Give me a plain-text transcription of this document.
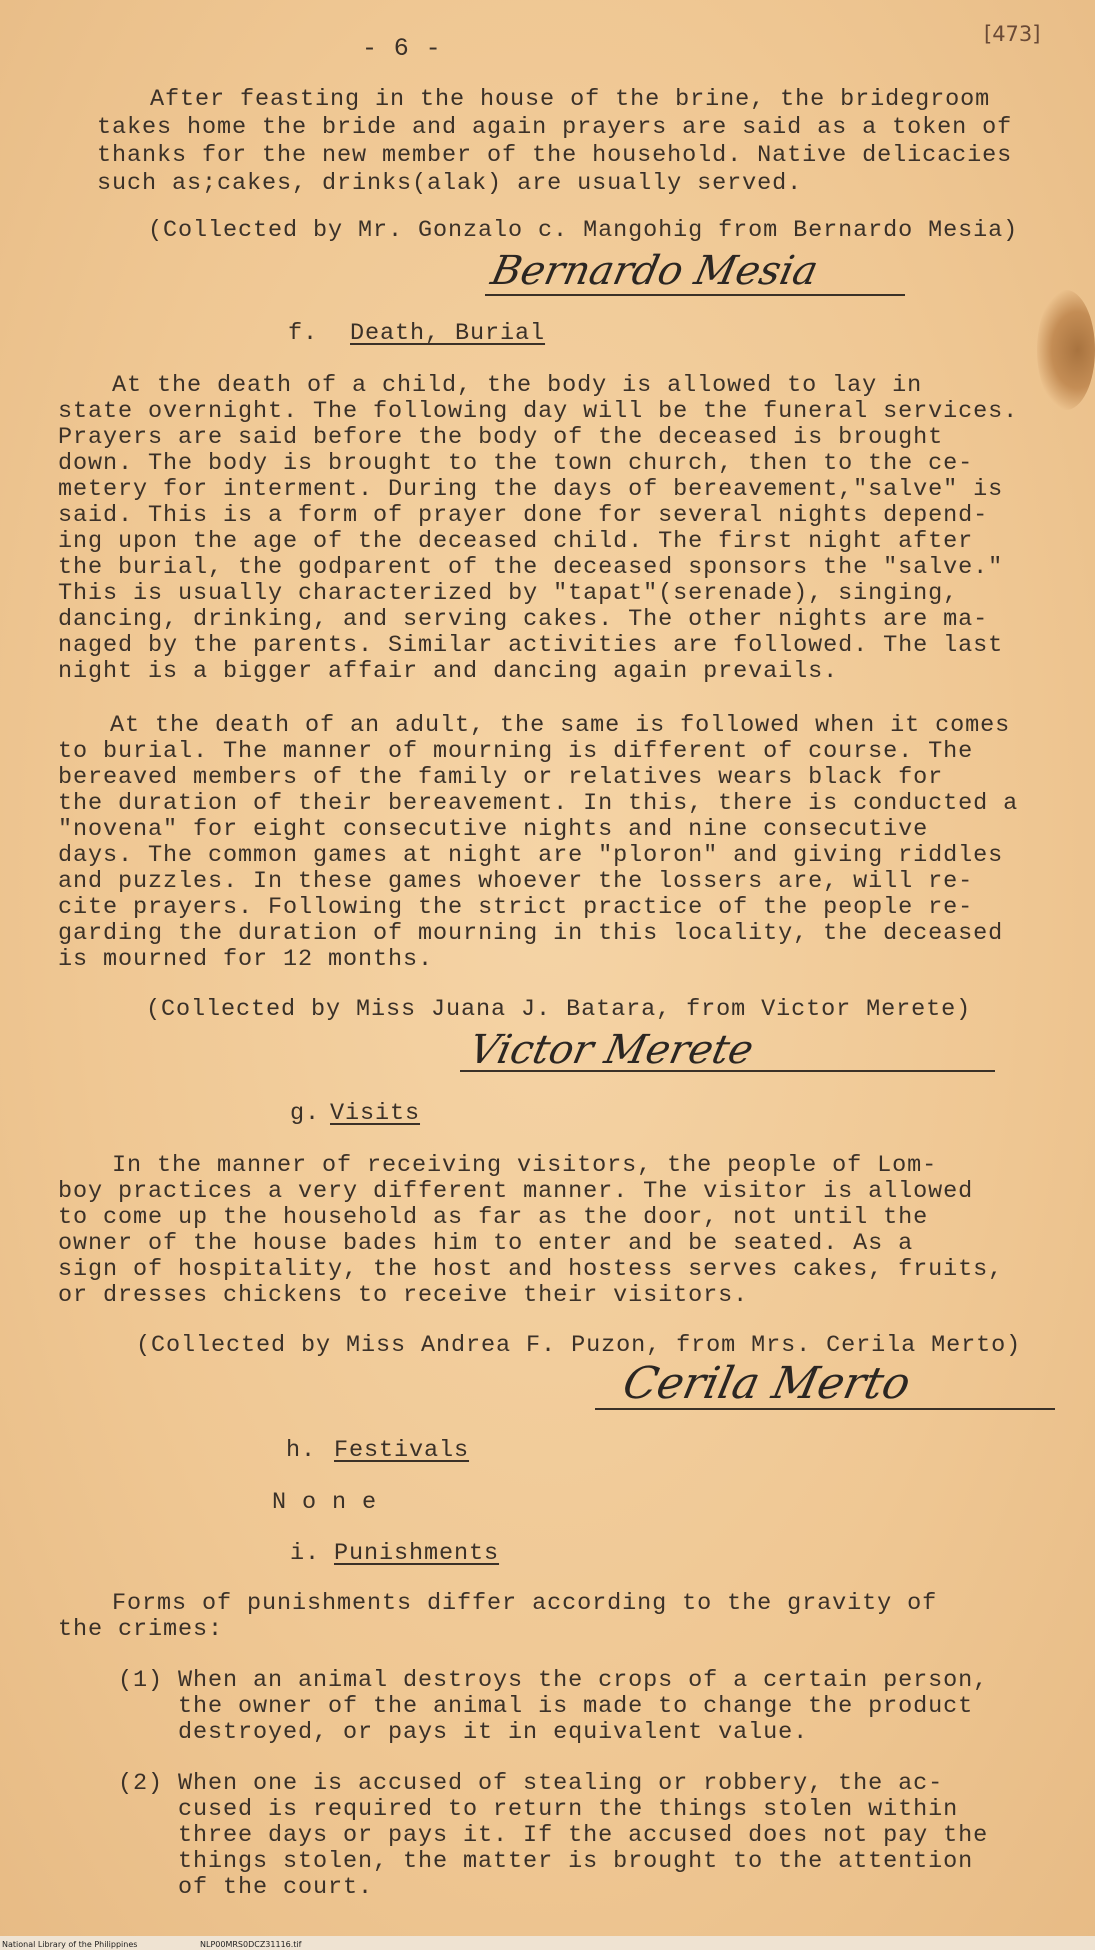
- 6 -	[473]
After feasting in the house of the brine, the bridegroom
takes home the bride and again prayers are said as a token of
thanks for the new member of the household. Native delicacies
such as;cakes, drinks(alak) are usually served.
(Collected by Mr. Gonzalo c. Mangohig from Bernardo Mesia)
Bernardo Mesia
f. Death, Burial
At the death of a child, the body is allowed to lay in
state overnight. The following day will be the funeral services.
Prayers are said before the body of the deceased is brought
down. The body is brought to the town church, then to the ce-
metery for interment. During the days of bereavement,"salve" is
said. This is a form of prayer done for several nights depend-
ing upon the age of the deceased child. The first night after
the burial, the godparent of the deceased sponsors the "salve."
This is usually characterized by "tapat"(serenade), singing,
dancing, drinking, and serving cakes. The other nights are ma-
naged by the parents. Similar activities are followed. The last
night is a bigger affair and dancing again prevails.
At the death of an adult, the same is followed when it comes
to burial. The manner of mourning is different of course. The
bereaved members of the family or relatives wears black for
the duration of their bereavement. In this, there is conducted a
"novena" for eight consecutive nights and nine consecutive
days. The common games at night are "ploron" and giving riddles
and puzzles. In these games whoever the lossers are, will re-
cite prayers. Following the strict practice of the people re-
garding the duration of mourning in this locality, the deceased
is mourned for 12 months.
(Collected by Miss Juana J. Batara, from Victor Merete)
Victor Merete
g. Visits
In the manner of receiving visitors, the people of Lom-
boy practices a very different manner. The visitor is allowed
to come up the household as far as the door, not until the
owner of the house bades him to enter and be seated. As a
sign of hospitality, the host and hostess serves cakes, fruits,
or dresses chickens to receive their visitors.
(Collected by Miss Andrea F. Puzon, from Mrs. Cerila Merto)
Cerila Merto
h. Festivals
N o n e
i. Punishments
Forms of punishments differ according to the gravity of
the crimes:
(1) When an animal destroys the crops of a certain person,
the owner of the animal is made to change the product
destroyed, or pays it in equivalent value.
(2) When one is accused of stealing or robbery, the ac-
cused is required to return the things stolen within
three days or pays it. If the accused does not pay the
things stolen, the matter is brought to the attention
of the court.
National Library of the Philippines	NLP00MRS0DCZ31116.tif
